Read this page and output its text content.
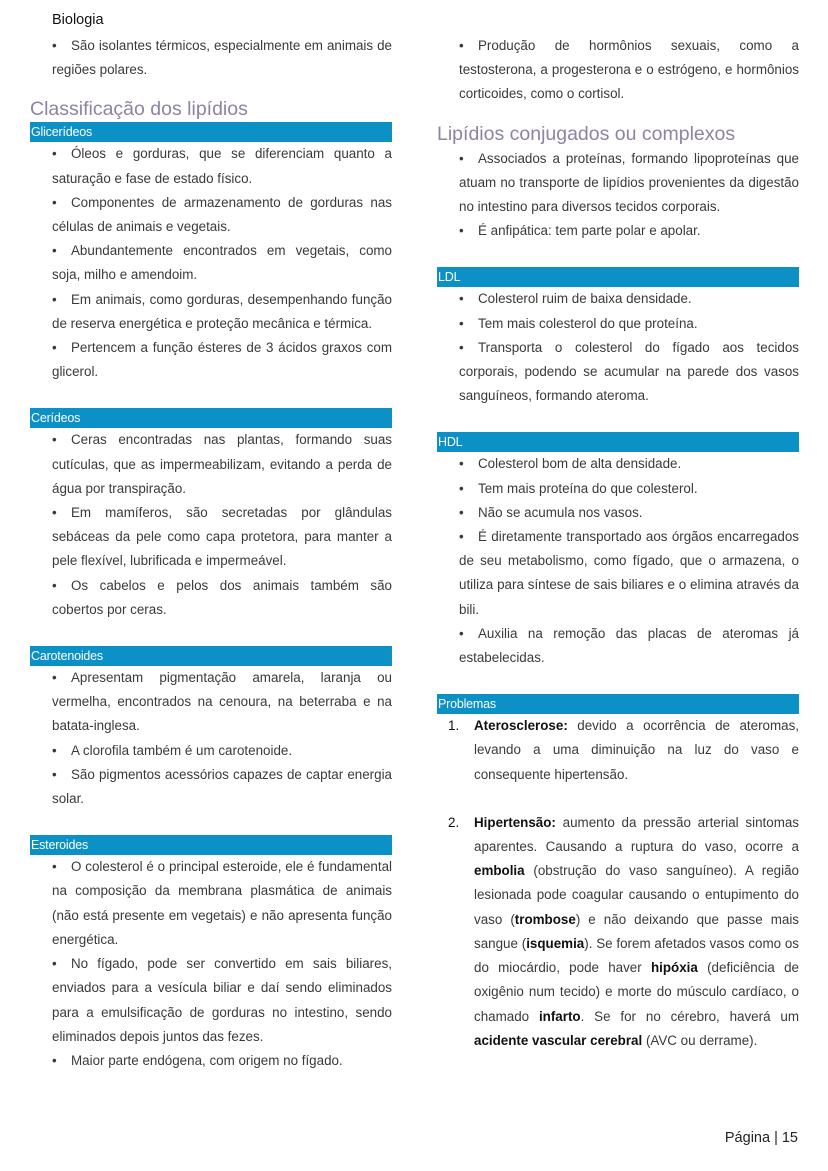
Biologia
• São isolantes térmicos, especialmente em animais de regiões polares.
Classificação dos lipídios
Glicerídeos
• Óleos e gorduras, que se diferenciam quanto a saturação e fase de estado físico.
• Componentes de armazenamento de gorduras nas células de animais e vegetais.
• Abundantemente encontrados em vegetais, como soja, milho e amendoim.
• Em animais, como gorduras, desempenhando função de reserva energética e proteção mecânica e térmica.
• Pertencem a função ésteres de 3 ácidos graxos com glicerol.
Cerídeos
• Ceras encontradas nas plantas, formando suas cutículas, que as impermeabilizam, evitando a perda de água por transpiração.
• Em mamíferos, são secretadas por glândulas sebáceas da pele como capa protetora, para manter a pele flexível, lubrificada e impermeável.
• Os cabelos e pelos dos animais também são cobertos por ceras.
Carotenoides
• Apresentam pigmentação amarela, laranja ou vermelha, encontrados na cenoura, na beterraba e na batata-inglesa.
• A clorofila também é um carotenoide.
• São pigmentos acessórios capazes de captar energia solar.
Esteroides
• O colesterol é o principal esteroide, ele é fundamental na composição da membrana plasmática de animais (não está presente em vegetais) e não apresenta função energética.
• No fígado, pode ser convertido em sais biliares, enviados para a vesícula biliar e daí sendo eliminados para a emulsificação de gorduras no intestino, sendo eliminados depois juntos das fezes.
• Maior parte endógena, com origem no fígado.
• Produção de hormônios sexuais, como a testosterona, a progesterona e o estrógeno, e hormônios corticoides, como o cortisol.
Lipídios conjugados ou complexos
• Associados a proteínas, formando lipoproteínas que atuam no transporte de lipídios provenientes da digestão no intestino para diversos tecidos corporais.
• É anfipática: tem parte polar e apolar.
LDL
• Colesterol ruim de baixa densidade.
• Tem mais colesterol do que proteína.
• Transporta o colesterol do fígado aos tecidos corporais, podendo se acumular na parede dos vasos sanguíneos, formando ateroma.
HDL
• Colesterol bom de alta densidade.
• Tem mais proteína do que colesterol.
• Não se acumula nos vasos.
• É diretamente transportado aos órgãos encarregados de seu metabolismo, como fígado, que o armazena, o utiliza para síntese de sais biliares e o elimina através da bili.
• Auxilia na remoção das placas de ateromas já estabelecidas.
Problemas
1. Aterosclerose: devido a ocorrência de ateromas, levando a uma diminuição na luz do vaso e consequente hipertensão.
2. Hipertensão: aumento da pressão arterial sintomas aparentes. Causando a ruptura do vaso, ocorre a embolia (obstrução do vaso sanguíneo). A região lesionada pode coagular causando o entupimento do vaso (trombose) e não deixando que passe mais sangue (isquemia). Se forem afetados vasos como os do miocárdio, pode haver hipóxia (deficiência de oxigênio num tecido) e morte do músculo cardíaco, o chamado infarto. Se for no cérebro, haverá um acidente vascular cerebral (AVC ou derrame).
Página | 15
